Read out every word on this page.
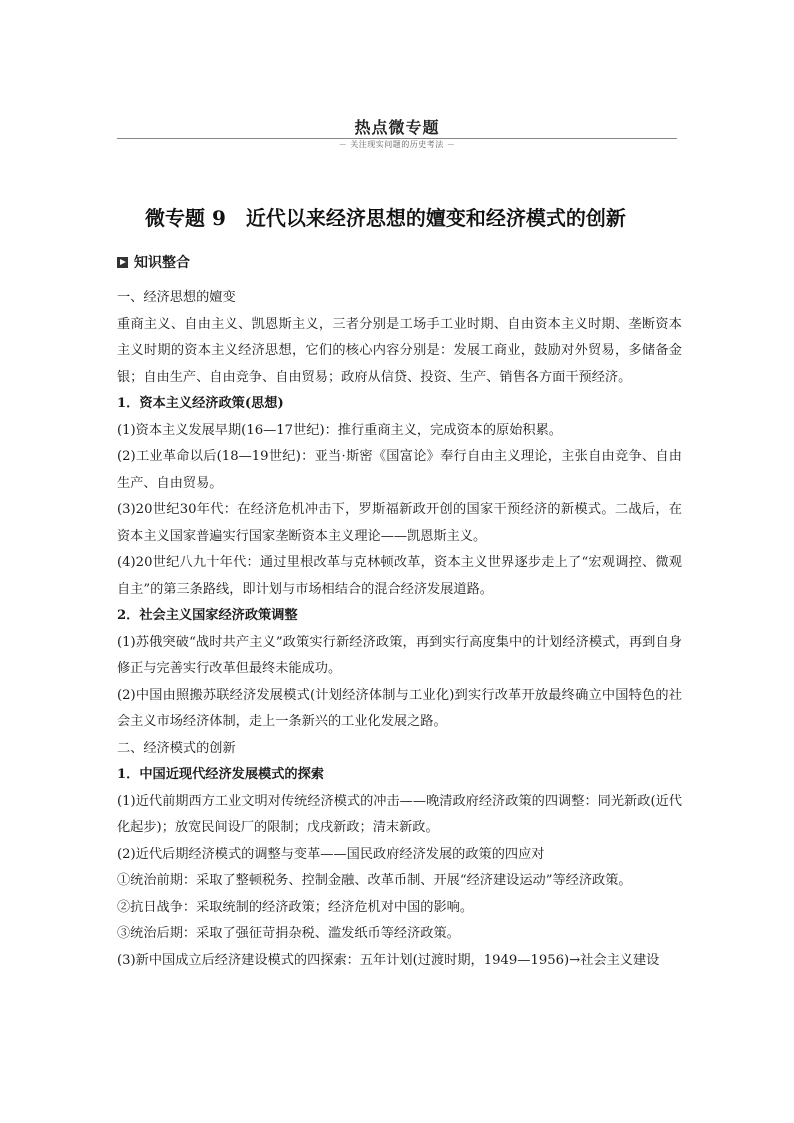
热点微专题
－ 关注现实问题的历史考法 －
微专题 9　近代以来经济思想的嬗变和经济模式的创新
知识整合

一、经济思想的嬗变

重商主义、自由主义、凯恩斯主义，三者分别是工场手工业时期、自由资本主义时期、垄断资本主义时期的资本主义经济思想，它们的核心内容分别是：发展工商业，鼓励对外贸易，多储备金银；自由生产、自由竞争、自由贸易；政府从信贷、投资、生产、销售各方面干预经济。

1．资本主义经济政策(思想)

(1)资本主义发展早期(16—17世纪)：推行重商主义，完成资本的原始积累。

(2)工业革命以后(18—19世纪)：亚当·斯密《国富论》奉行自由主义理论，主张自由竞争、自由生产、自由贸易。

(3)20世纪30年代：在经济危机冲击下，罗斯福新政开创的国家干预经济的新模式。二战后，在资本主义国家普遍实行国家垄断资本主义理论——凯恩斯主义。

(4)20世纪八九十年代：通过里根改革与克林顿改革，资本主义世界逐步走上了“宏观调控、微观自主”的第三条路线，即计划与市场相结合的混合经济发展道路。

2．社会主义国家经济政策调整

(1)苏俄突破“战时共产主义”政策实行新经济政策，再到实行高度集中的计划经济模式，再到自身修正与完善实行改革但最终未能成功。

(2)中国由照搬苏联经济发展模式(计划经济体制与工业化)到实行改革开放最终确立中国特色的社会主义市场经济体制，走上一条新兴的工业化发展之路。

二、经济模式的创新

1．中国近现代经济发展模式的探索

(1)近代前期西方工业文明对传统经济模式的冲击——晚清政府经济政策的四调整：同光新政(近代化起步)；放宽民间设厂的限制；戊戌新政；清末新政。

(2)近代后期经济模式的调整与变革——国民政府经济发展的政策的四应对

①统治前期：采取了整顿税务、控制金融、改革币制、开展“经济建设运动”等经济政策。

②抗日战争：采取统制的经济政策；经济危机对中国的影响。

③统治后期：采取了强征苛捐杂税、滥发纸币等经济政策。

(3)新中国成立后经济建设模式的四探索：五年计划(过渡时期，1949—1956)→社会主义建设
